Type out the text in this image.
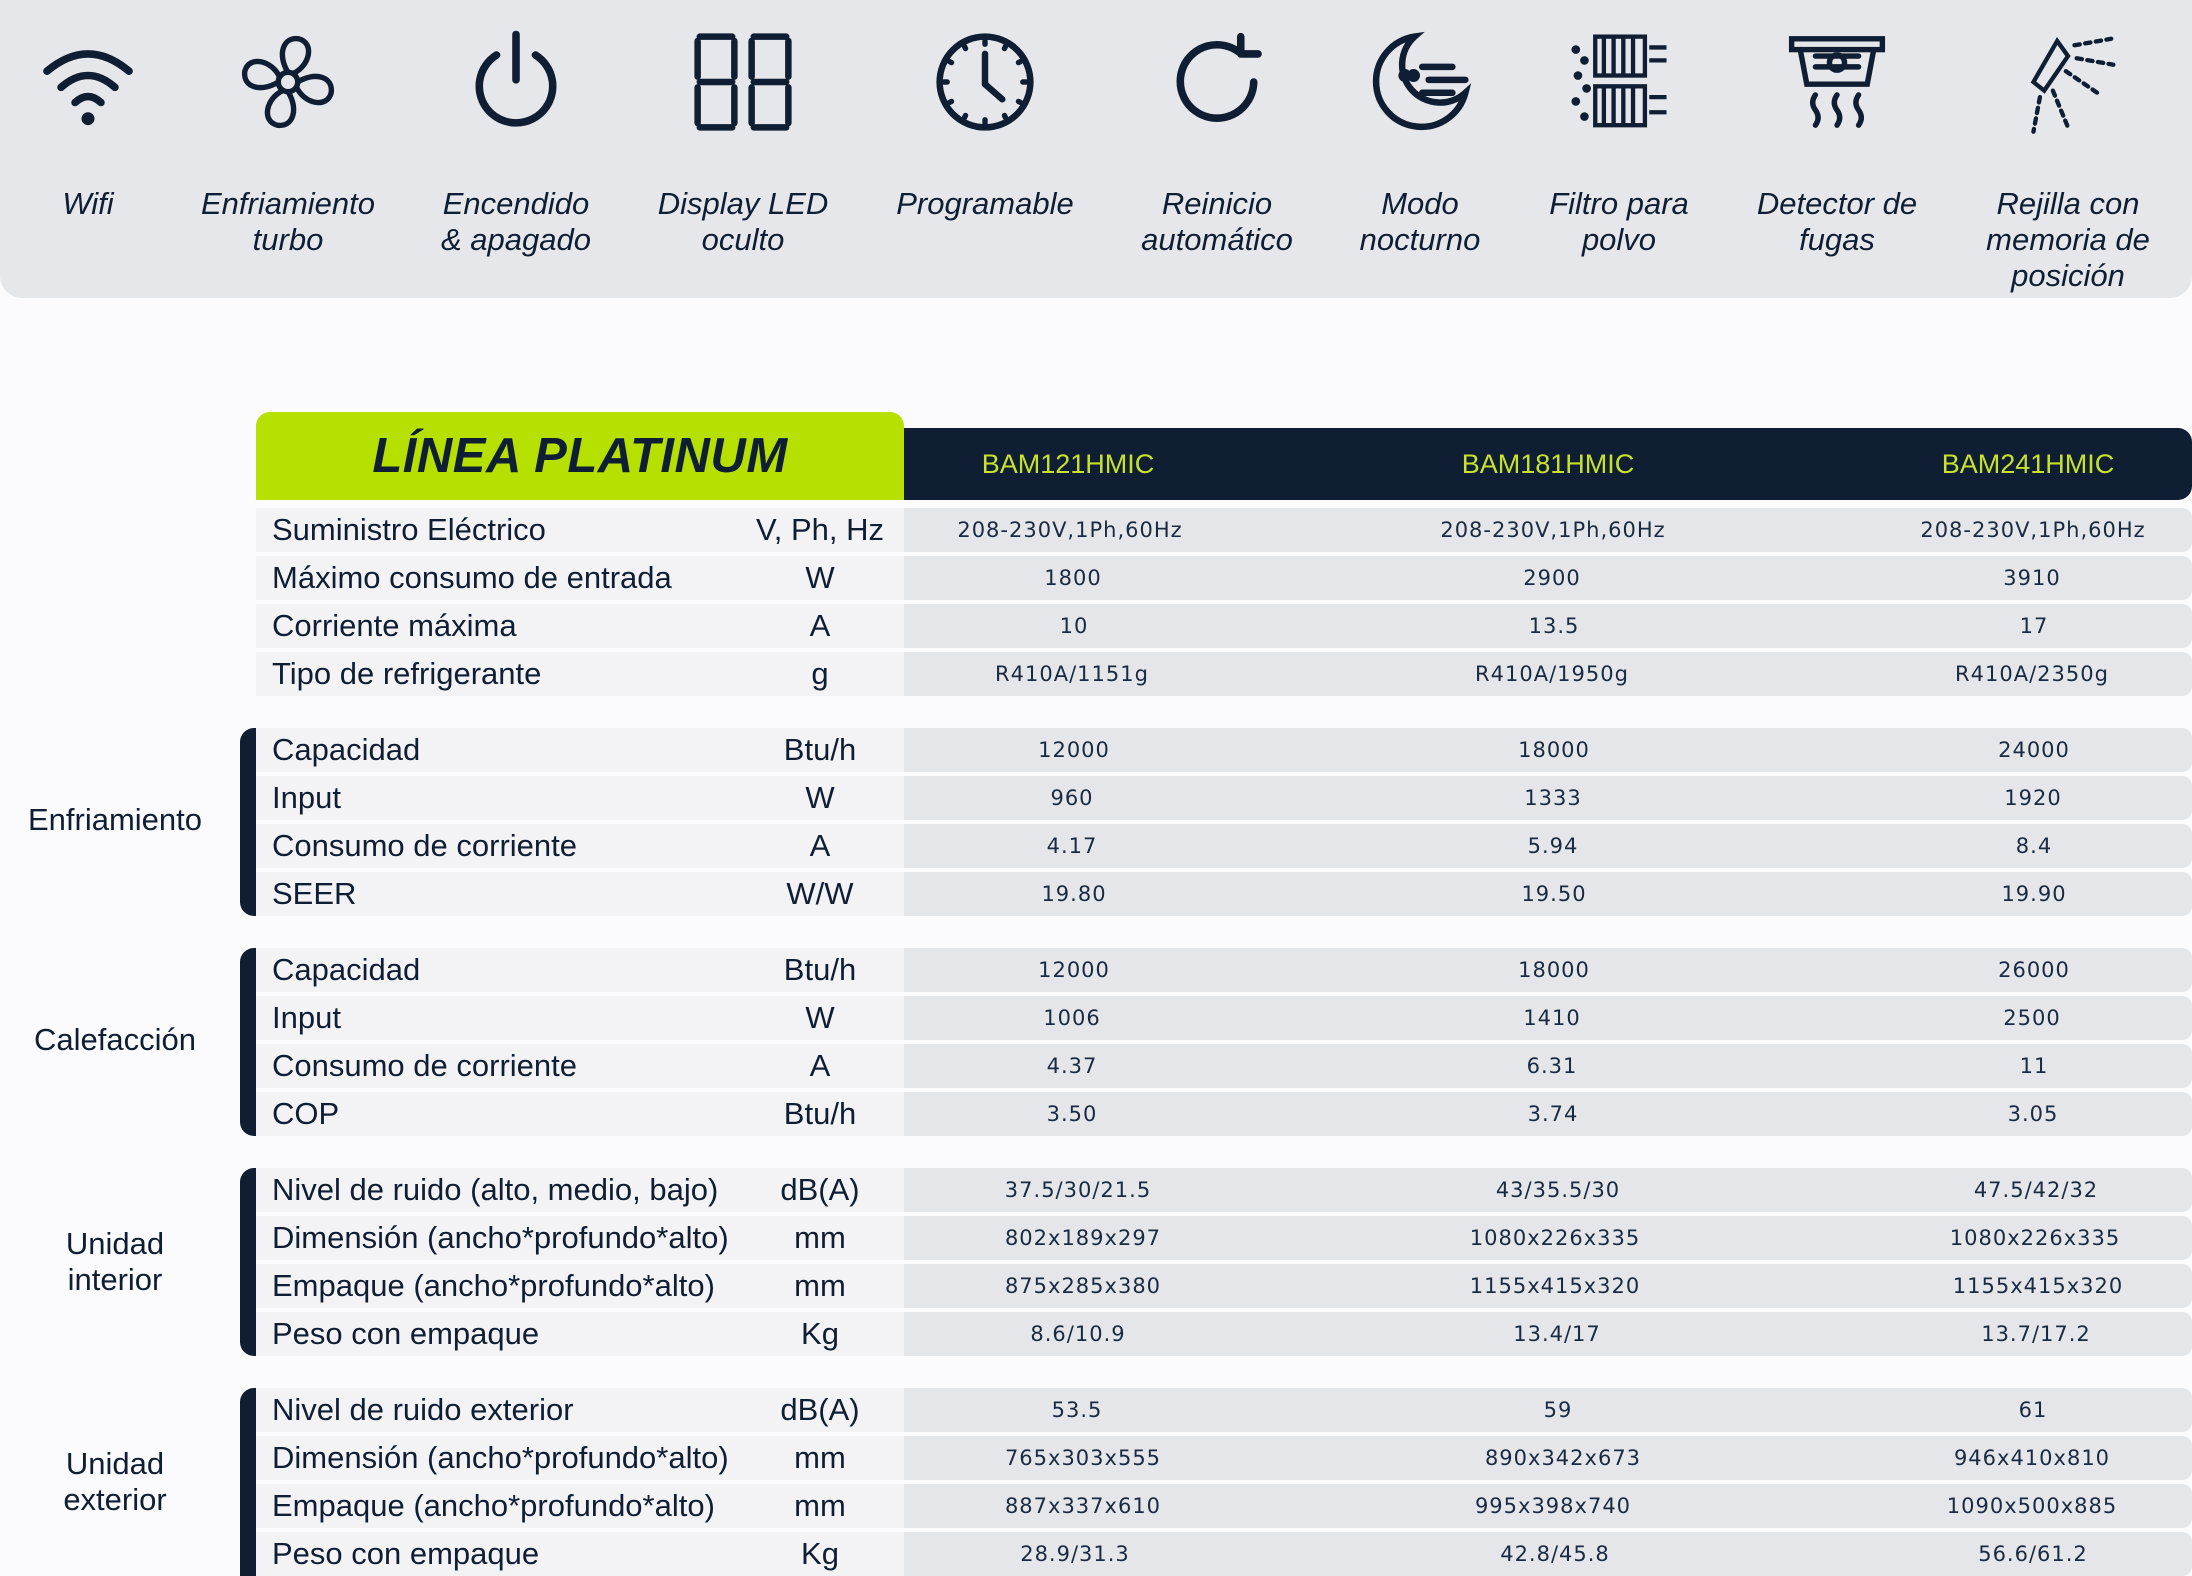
Wifi	Enfriamiento
turbo
Encendido
& apagado
Display LED
oculto
Programable	Reinicio
automático
Modo
nocturno
Filtro para
polvo
Detector de
fugas
Rejilla con
memoria de
posición
LÍNEA PLATINUM	BAM121HMIC	BAM181HMIC	BAM241HMIC
Suministro Eléctrico	V, Ph, Hz	208-230V,1Ph,60Hz	208-230V,1Ph,60Hz	208-230V,1Ph,60Hz
Máximo consumo de entrada	W	1800	2900	3910
Corriente máxima	A	10	13.5	17
Tipo de refrigerante	g	R410A/1151g	R410A/1950g	R410A/2350g
Enfriamiento
Capacidad	Btu/h	12000	18000	24000
Input	W	960	1333	1920
Consumo de corriente	A	4.17	5.94	8.4
SEER	W/W	19.80	19.50	19.90
Calefacción
Capacidad	Btu/h	12000	18000	26000
Input	W	1006	1410	2500
Consumo de corriente	A	4.37	6.31	11
COP	Btu/h	3.50	3.74	3.05
Unidad
interior
Nivel de ruido (alto, medio, bajo)	dB(A)	37.5/30/21.5	43/35.5/30	47.5/42/32
Dimensión (ancho*profundo*alto)	mm	802x189x297	1080x226x335	1080x226x335
Empaque (ancho*profundo*alto)	mm	875x285x380	1155x415x320	1155x415x320
Peso con empaque	Kg	8.6/10.9	13.4/17	13.7/17.2
Unidad
exterior
Nivel de ruido exterior	dB(A)	53.5	59	61
Dimensión (ancho*profundo*alto)	mm	765x303x555	890x342x673	946x410x810
Empaque (ancho*profundo*alto)	mm	887x337x610	995x398x740	1090x500x885
Peso con empaque	Kg	28.9/31.3	42.8/45.8	56.6/61.2
